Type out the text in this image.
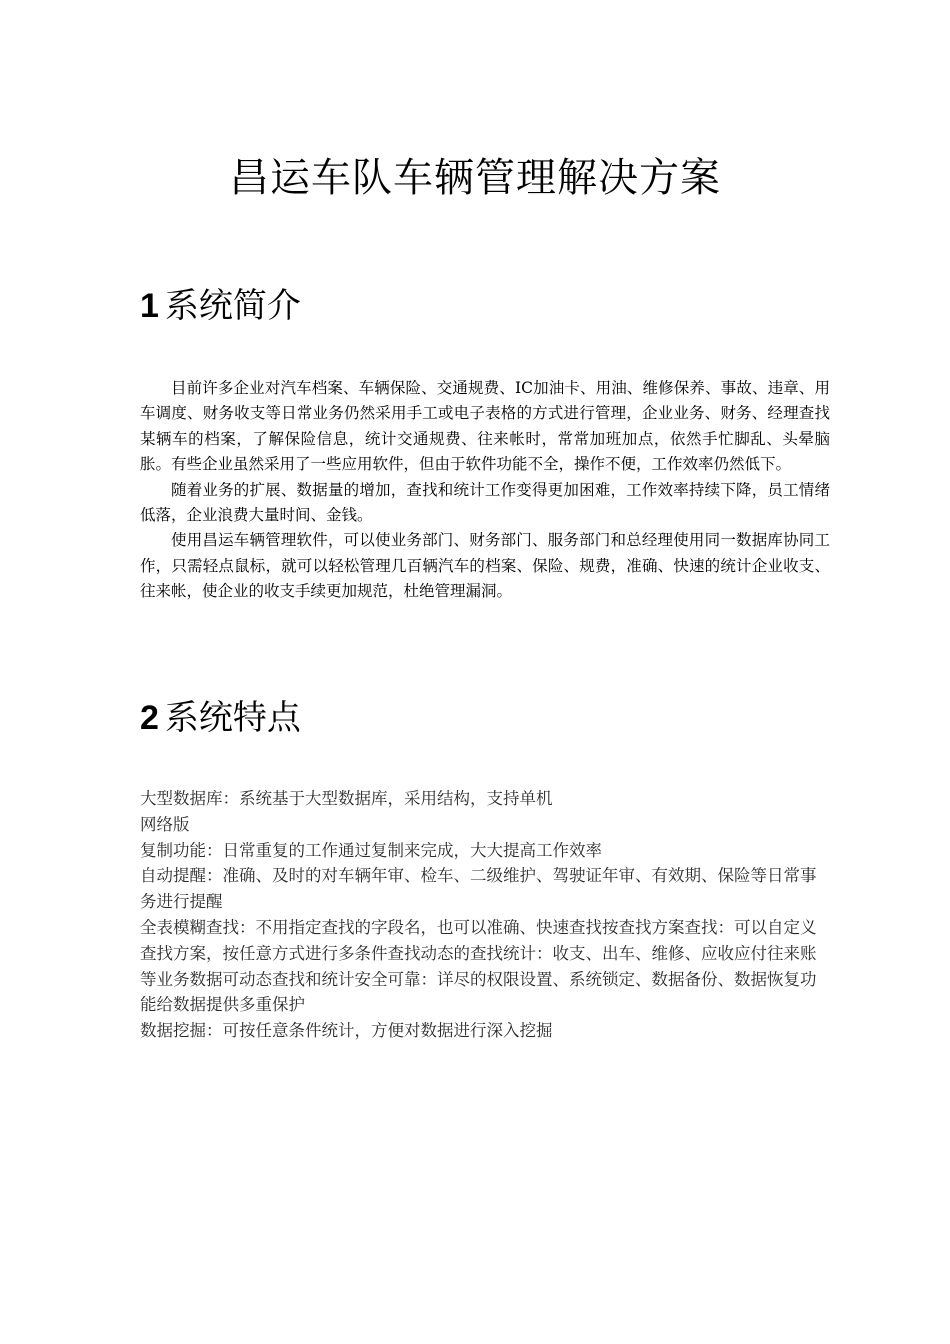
昌运车队车辆管理解决方案
1 系统简介

目前许多企业对汽车档案、车辆保险、交通规费、IC加油卡、用油、维修保养、事故、违章、用车调度、财务收支等日常业务仍然采用手工或电子表格的方式进行管理，企业业务、财务、经理查找某辆车的档案，了解保险信息，统计交通规费、往来帐时，常常加班加点，依然手忙脚乱、头晕脑胀。有些企业虽然采用了一些应用软件，但由于软件功能不全，操作不便，工作效率仍然低下。

随着业务的扩展、数据量的增加，查找和统计工作变得更加困难，工作效率持续下降，员工情绪低落，企业浪费大量时间、金钱。

使用昌运车辆管理软件，可以使业务部门、财务部门、服务部门和总经理使用同一数据库协同工作，只需轻点鼠标，就可以轻松管理几百辆汽车的档案、保险、规费，准确、快速的统计企业收支、往来帐，使企业的收支手续更加规范，杜绝管理漏洞。

2 系统特点

大型数据库：系统基于大型数据库，采用结构，支持单机

网络版

复制功能：日常重复的工作通过复制来完成，大大提高工作效率

自动提醒：准确、及时的对车辆年审、检车、二级维护、驾驶证年审、有效期、保险等日常事务进行提醒

全表模糊查找：不用指定查找的字段名，也可以准确、快速查找按查找方案查找：可以自定义查找方案，按任意方式进行多条件查找动态的查找统计：收支、出车、维修、应收应付往来账等业务数据可动态查找和统计安全可靠：详尽的权限设置、系统锁定、数据备份、数据恢复功能给数据提供多重保护

数据挖掘：可按任意条件统计，方便对数据进行深入挖掘
